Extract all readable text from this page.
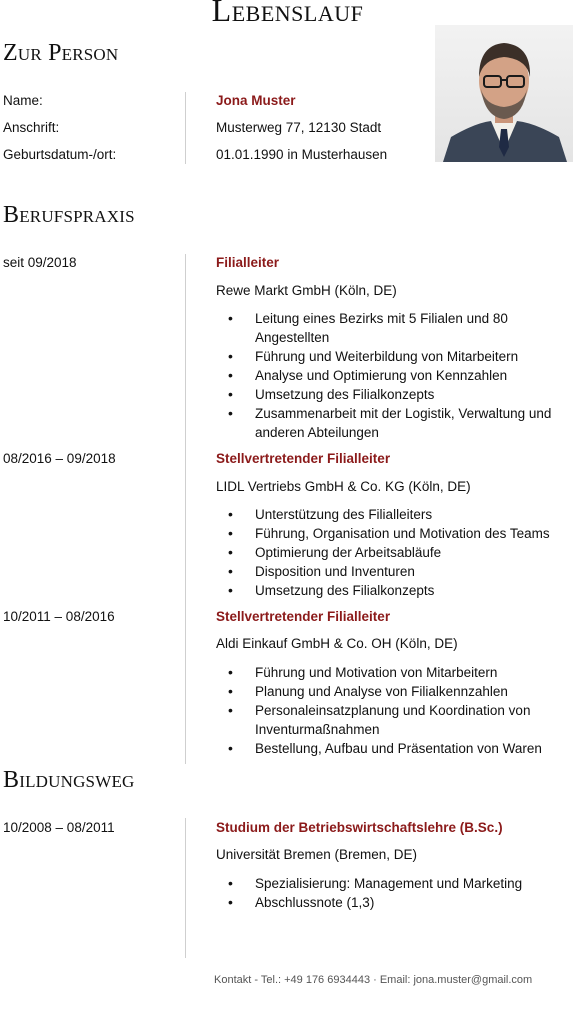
Lebenslauf
Zur Person
Name:	Jona Muster
Anschrift:	Musterweg 77, 12130 Stadt
Geburtsdatum-/ort:	01.01.1990 in Musterhausen
Berufspraxis
seit 09/2018	Filialleiter
Rewe Markt GmbH (Köln, DE)
• Leitung eines Bezirks mit 5 Filialen und 80 Angestellten
• Führung und Weiterbildung von Mitarbeitern
• Analyse und Optimierung von Kennzahlen
• Umsetzung des Filialkonzepts
• Zusammenarbeit mit der Logistik, Verwaltung und anderen Abteilungen
08/2016 – 09/2018	Stellvertretender Filialleiter
LIDL Vertriebs GmbH & Co. KG (Köln, DE)
• Unterstützung des Filialleiters
• Führung, Organisation und Motivation des Teams
• Optimierung der Arbeitsabläufe
• Disposition und Inventuren
• Umsetzung des Filialkonzepts
10/2011 – 08/2016	Stellvertretender Filialleiter
Aldi Einkauf GmbH & Co. OH (Köln, DE)
• Führung und Motivation von Mitarbeitern
• Planung und Analyse von Filialkennzahlen
• Personaleinsatzplanung und Koordination von Inventurmaßnahmen
• Bestellung, Aufbau und Präsentation von Waren
Bildungsweg
10/2008 – 08/2011	Studium der Betriebswirtschaftslehre (B.Sc.)
Universität Bremen (Bremen, DE)
• Spezialisierung: Management und Marketing
• Abschlussnote (1,3)
Kontakt - Tel.: +49 176 6934443 · Email: jona.muster@gmail.com
